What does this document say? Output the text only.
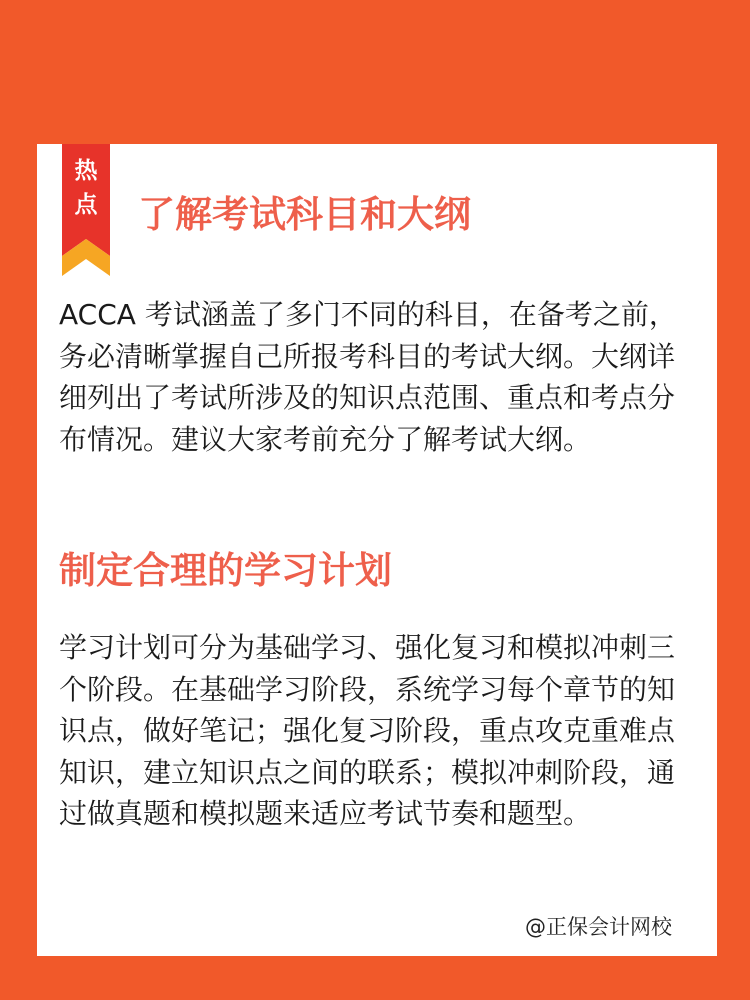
热
点	了解考试科目和大纲

ACCA 考试涵盖了多门不同的科目，在备考之前，务必清晰掌握自己所报考科目的考试大纲。大纲详细列出了考试所涉及的知识点范围、重点和考点分布情况。建议大家考前充分了解考试大纲。

制定合理的学习计划

学习计划可分为基础学习、强化复习和模拟冲刺三个阶段。在基础学习阶段，系统学习每个章节的知识点，做好笔记；强化复习阶段，重点攻克重难点知识，建立知识点之间的联系；模拟冲刺阶段，通过做真题和模拟题来适应考试节奏和题型。

@正保会计网校
